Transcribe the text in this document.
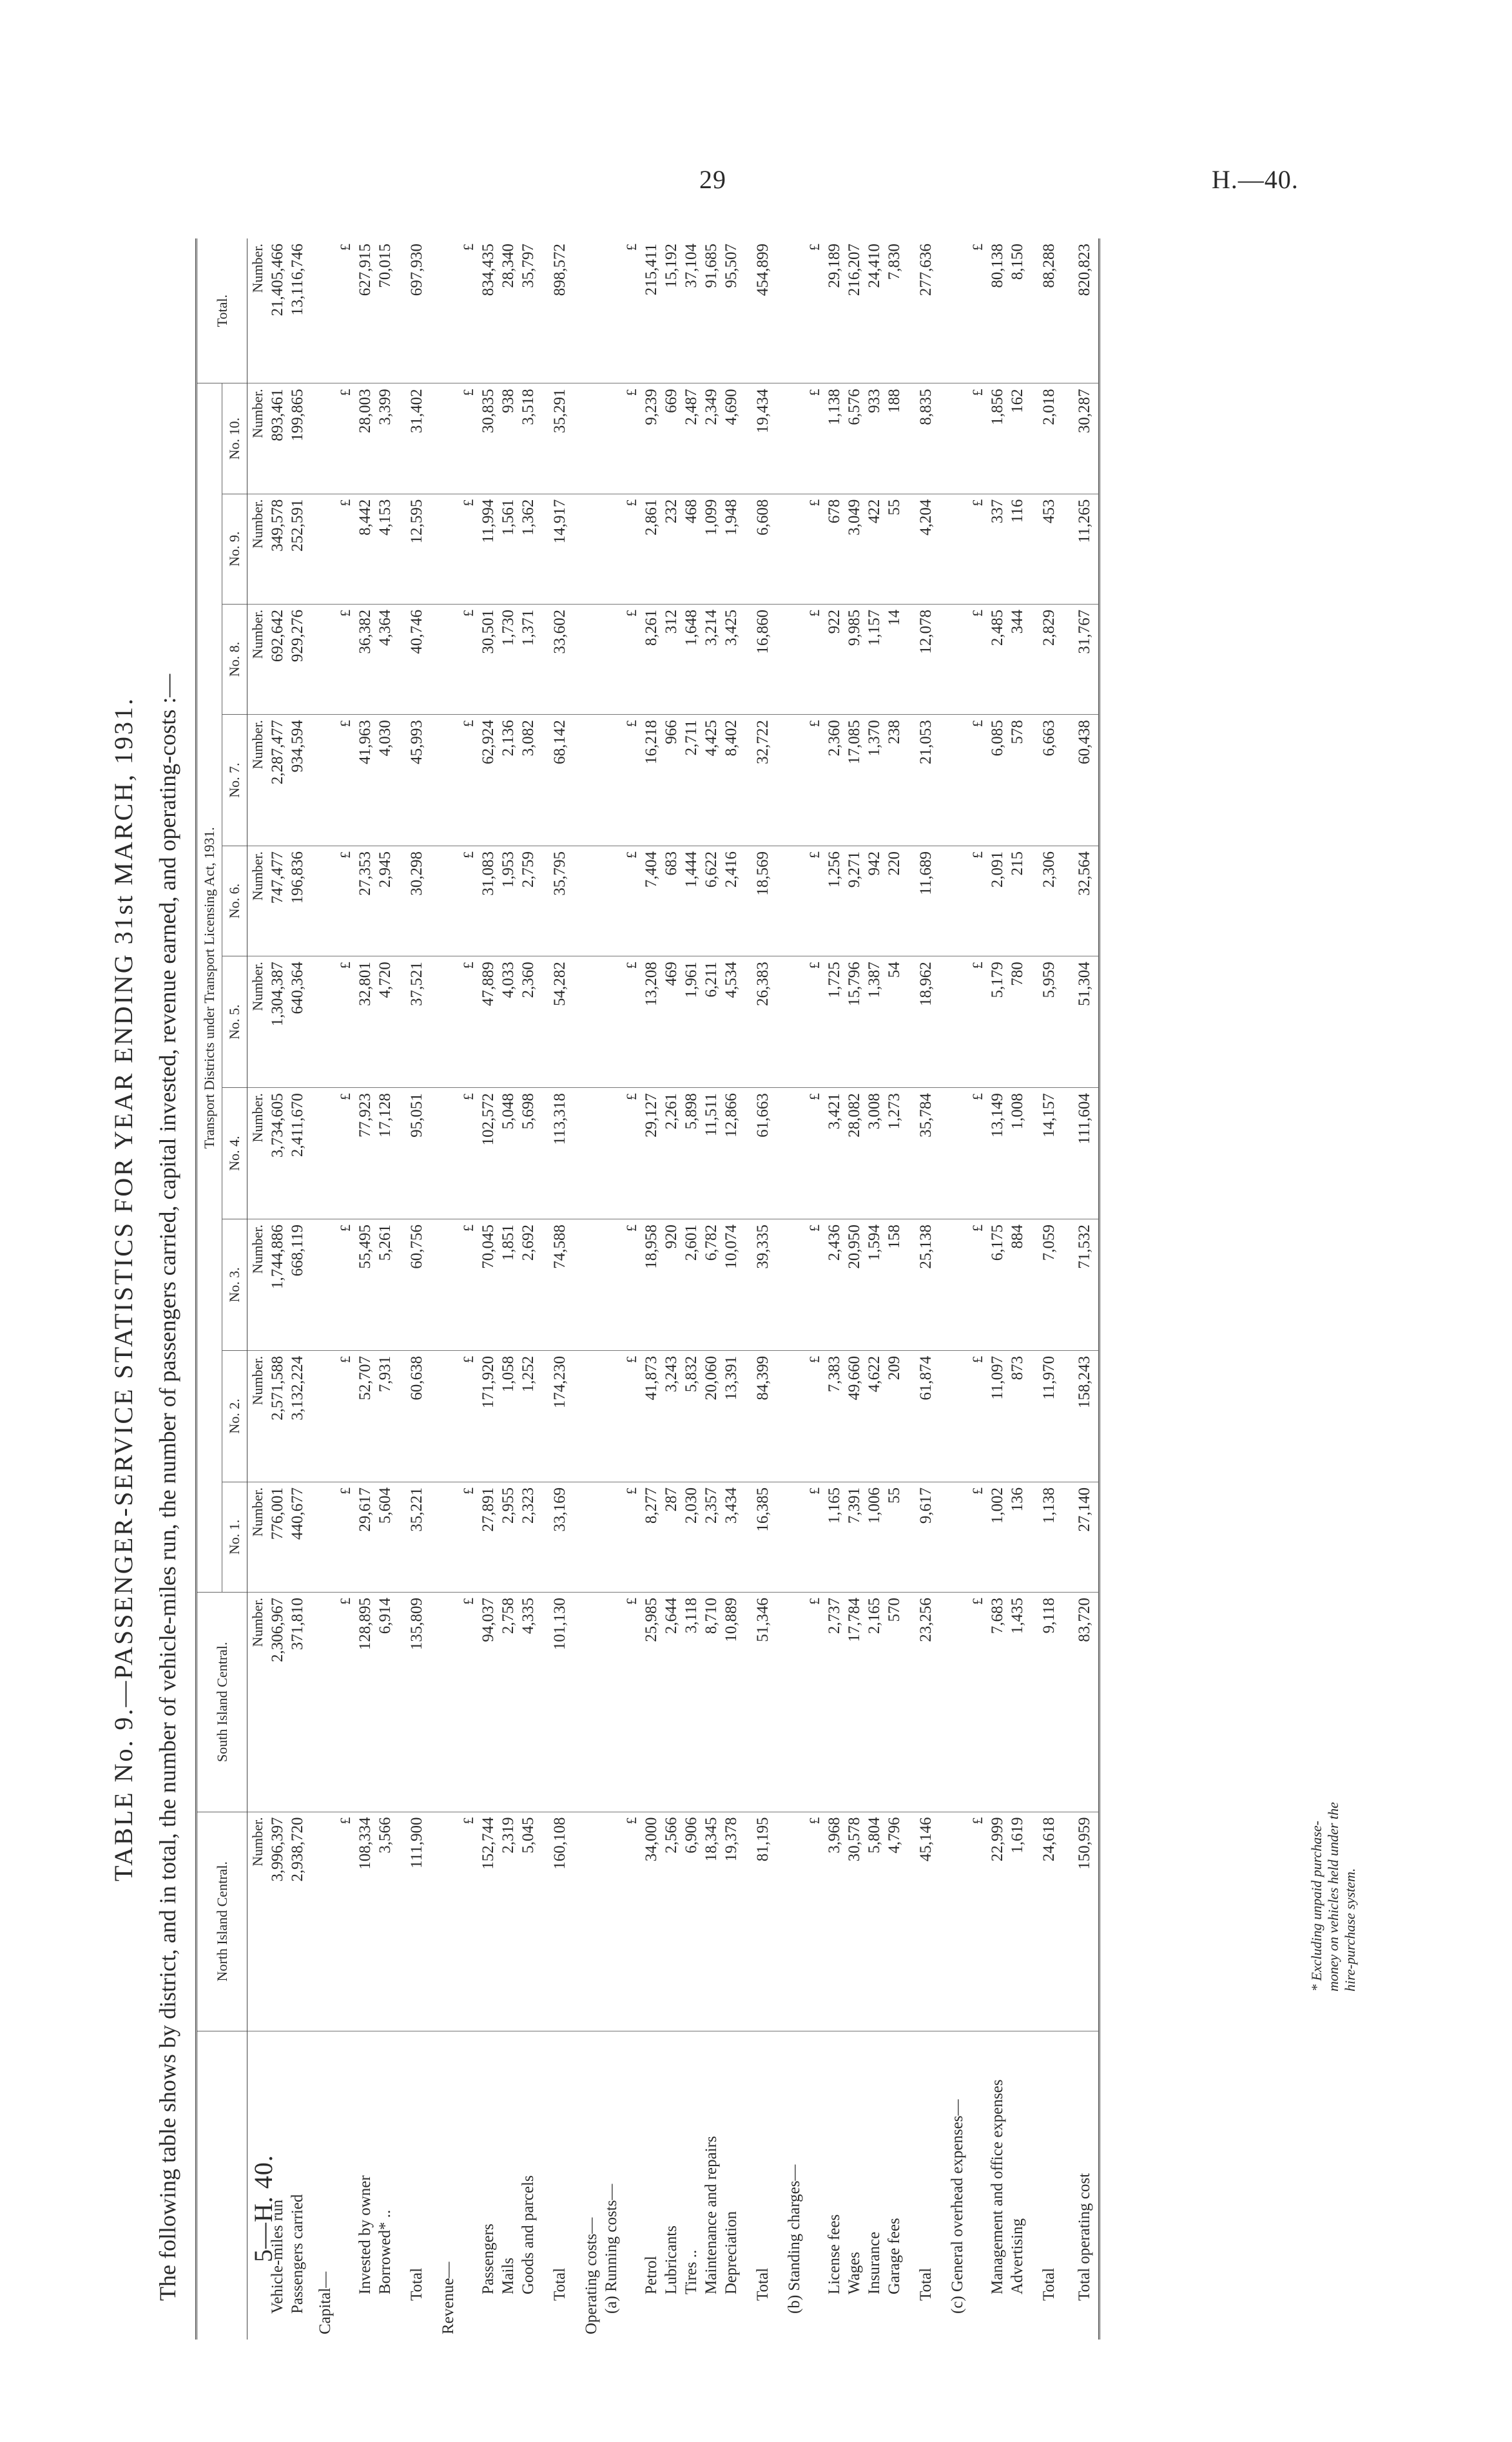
29	H.—40.
5—H. 40.
TABLE No. 9.—PASSENGER-SERVICE STATISTICS FOR YEAR ENDING 31st MARCH, 1931. The following table shows by district, and in total, the number of vehicle-miles run, the number of passengers carried, capital invested, revenue earned, and operating-costs :—
	North Island Central.	South Island Central.	Transport Districts under Transport Licensing Act, 1931.										Total.
			No. 1.	No. 2.	No. 3.	No. 4.	No. 5.	No. 6.	No. 7.	No. 8.	No. 9.	No. 10.	
	Number.	Number.	Number.	Number.	Number.	Number.	Number.	Number.	Number.	Number.	Number.	Number.	Number.
Vehicle-miles run	3,996,397	2,306,967	776,001	2,571,588	1,744,886	3,734,605	1,304,387	747,477	2,287,477	692,642	349,578	893,461	21,405,466
Passengers carried	2,938,720	371,810	440,677	3,132,224	668,119	2,411,670	640,364	196,836	934,594	929,276	252,591	199,865	13,116,746

Capital—													
	£	£	£	£	£	£	£	£	£	£	£	£	£
Invested by owner	108,334	128,895	29,617	52,707	55,495	77,923	32,801	27,353	41,963	36,382	8,442	28,003	627,915
Borrowed* ..	3,566	6,914	5,604	7,931	5,261	17,128	4,720	2,945	4,030	4,364	4,153	3,399	70,015

Total	111,900	135,809	35,221	60,638	60,756	95,051	37,521	30,298	45,993	40,746	12,595	31,402	697,930

Revenue—													
	£	£	£	£	£	£	£	£	£	£	£	£	£
Passengers	152,744	94,037	27,891	171,920	70,045	102,572	47,889	31,083	62,924	30,501	11,994	30,835	834,435
Mails	2,319	2,758	2,955	1,058	1,851	5,048	4,033	1,953	2,136	1,730	1,561	938	28,340
Goods and parcels	5,045	4,335	2,323	1,252	2,692	5,698	2,360	2,759	3,082	1,371	1,362	3,518	35,797

Total	160,108	101,130	33,169	174,230	74,588	113,318	54,282	35,795	68,142	33,602	14,917	35,291	898,572

Operating costs—													
(a) Running costs—													
	£	£	£	£	£	£	£	£	£	£	£	£	£
Petrol	34,000	25,985	8,277	41,873	18,958	29,127	13,208	7,404	16,218	8,261	2,861	9,239	215,411
Lubricants	2,566	2,644	287	3,243	920	2,261	469	683	966	312	232	669	15,192
Tires ..	6,906	3,118	2,030	5,832	2,601	5,898	1,961	1,444	2,711	1,648	468	2,487	37,104
Maintenance and repairs	18,345	8,710	2,357	20,060	6,782	11,511	6,211	6,622	4,425	3,214	1,099	2,349	91,685
Depreciation	19,378	10,889	3,434	13,391	10,074	12,866	4,534	2,416	8,402	3,425	1,948	4,690	95,507

Total	81,195	51,346	16,385	84,399	39,335	61,663	26,383	18,569	32,722	16,860	6,608	19,434	454,899

(b) Standing charges—													
	£	£	£	£	£	£	£	£	£	£	£	£	£
License fees	3,968	2,737	1,165	7,383	2,436	3,421	1,725	1,256	2,360	922	678	1,138	29,189
Wages	30,578	17,784	7,391	49,660	20,950	28,082	15,796	9,271	17,085	9,985	3,049	6,576	216,207
Insurance	5,804	2,165	1,006	4,622	1,594	3,008	1,387	942	1,370	1,157	422	933	24,410
Garage fees	4,796	570	55	209	158	1,273	54	220	238	14	55	188	7,830

Total	45,146	23,256	9,617	61,874	25,138	35,784	18,962	11,689	21,053	12,078	4,204	8,835	277,636

(c) General overhead expenses—													
	£	£	£	£	£	£	£	£	£	£	£	£	£
Management and office expenses	22,999	7,683	1,002	11,097	6,175	13,149	5,179	2,091	6,085	2,485	337	1,856	80,138
Advertising	1,619	1,435	136	873	884	1,008	780	215	578	344	116	162	8,150

Total	24,618	9,118	1,138	11,970	7,059	14,157	5,959	2,306	6,663	2,829	453	2,018	88,288

Total operating cost	150,959	83,720	27,140	158,243	71,532	111,604	51,304	32,564	60,438	31,767	11,265	30,287	820,823
* Excluding unpaid purchase-money on vehicles held under the hire-purchase system.
